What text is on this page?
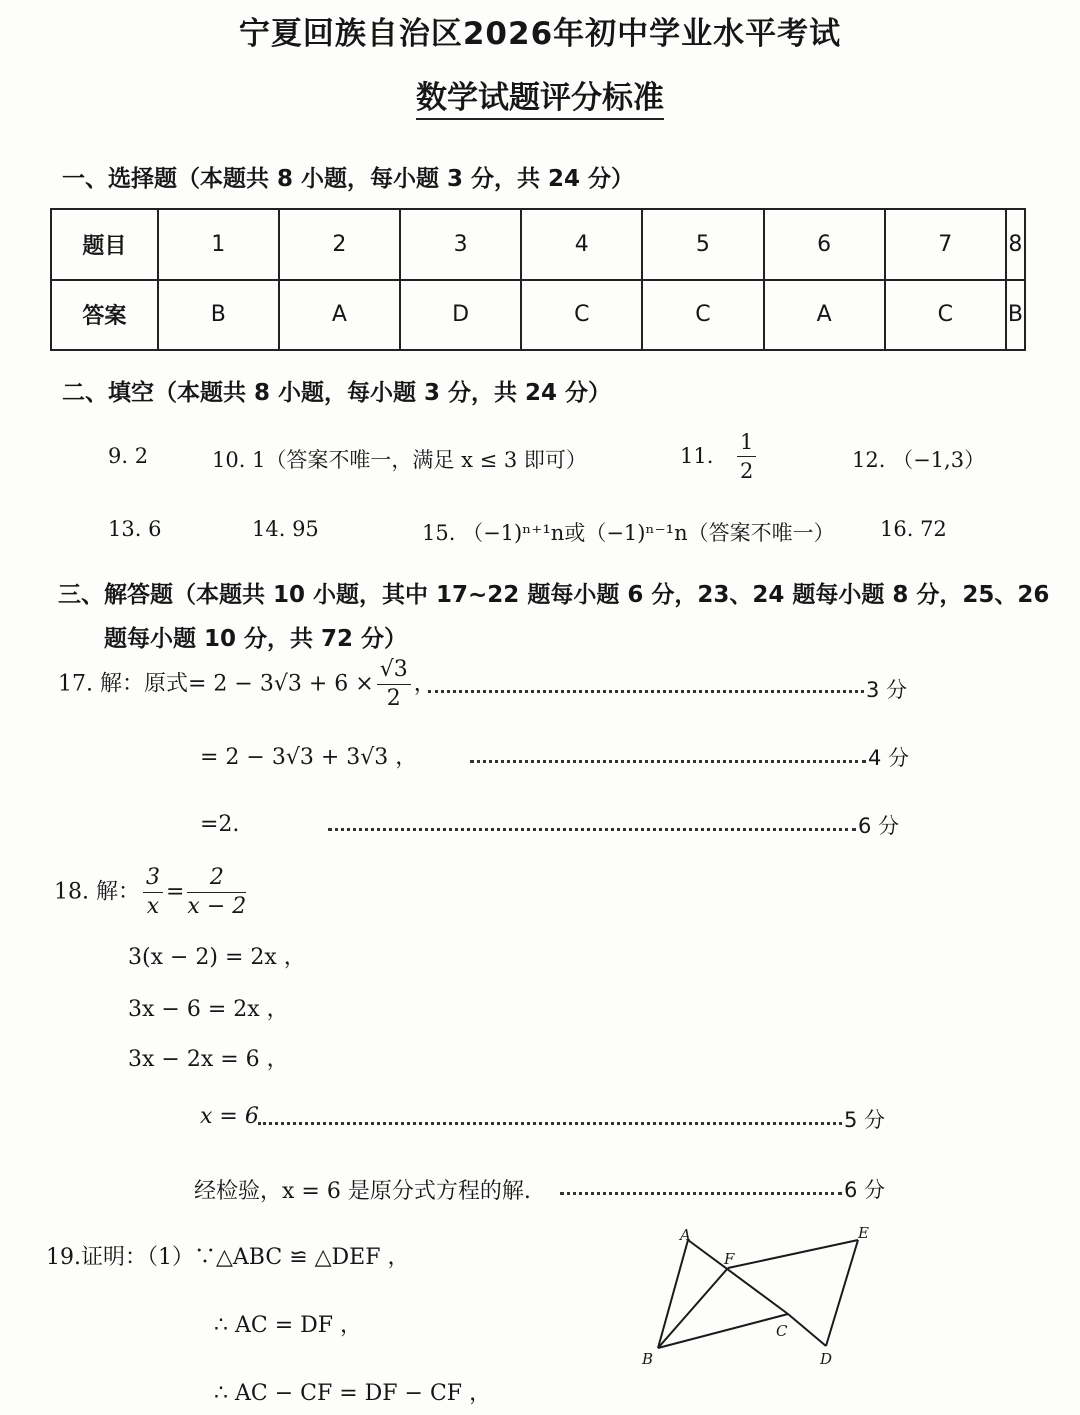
宁夏回族自治区2026年初中学业水平考试
数学试题评分标准
一、选择题（本题共 8 小题，每小题 3 分，共 24 分）
题目	1	2	3	4	5	6	7	8
答案	B	A	D	C	C	A	C	B
二、填空（本题共 8 小题，每小题 3 分，共 24 分）
9. 2	10. 1（答案不唯一，满足 x ≤ 3 即可）	11. $\frac{1}{2}$	12. （−1,3）
13. 6	14. 95	15. （−1)ⁿ⁺¹n或（−1)ⁿ⁻¹n（答案不唯一） 16. 72
三、解答题（本题共 10 小题，其中 17~22 题每小题 6 分，23、24 题每小题 8 分，25、26
题每小题 10 分，共 72 分）
17. 解：原式= $2 - 3√3 + 6 \times \frac{√3}{2}$ ，	3 分
= 2 − 3√3 + 3√3 ，	4 分
=2.	6 分
18. 解： $\frac{3}{x} = \frac{2}{x - 2}$
3(x − 2) = 2x ，
3x − 6 = 2x ，
3x − 2x = 6 ，
x = 6	5 分
经检验，x = 6 是原分式方程的解.	6 分
19.证明：（1）∵△ABC ≌ △DEF ，
∴ AC = DF ，
∴ AC − CF = DF − CF ，
A
B
C
D
E
F
